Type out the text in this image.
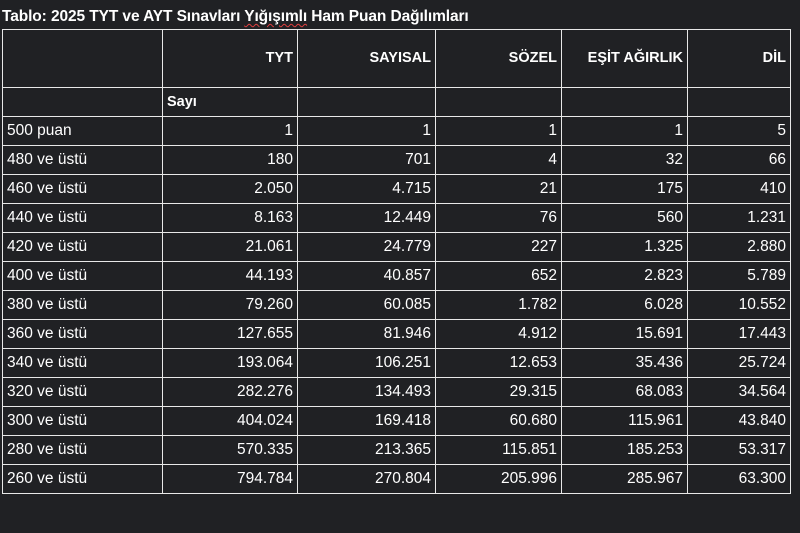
Tablo: 2025 TYT ve AYT Sınavları Yığışımlı Ham Puan Dağılımları
	TYT	SAYISAL	SÖZEL	EŞİT AĞIRLIK	DİL
	Sayı				
500 puan	1	1	1	1	5
480 ve üstü	180	701	4	32	66
460 ve üstü	2.050	4.715	21	175	410
440 ve üstü	8.163	12.449	76	560	1.231
420 ve üstü	21.061	24.779	227	1.325	2.880
400 ve üstü	44.193	40.857	652	2.823	5.789
380 ve üstü	79.260	60.085	1.782	6.028	10.552
360 ve üstü	127.655	81.946	4.912	15.691	17.443
340 ve üstü	193.064	106.251	12.653	35.436	25.724
320 ve üstü	282.276	134.493	29.315	68.083	34.564
300 ve üstü	404.024	169.418	60.680	115.961	43.840
280 ve üstü	570.335	213.365	115.851	185.253	53.317
260 ve üstü	794.784	270.804	205.996	285.967	63.300
